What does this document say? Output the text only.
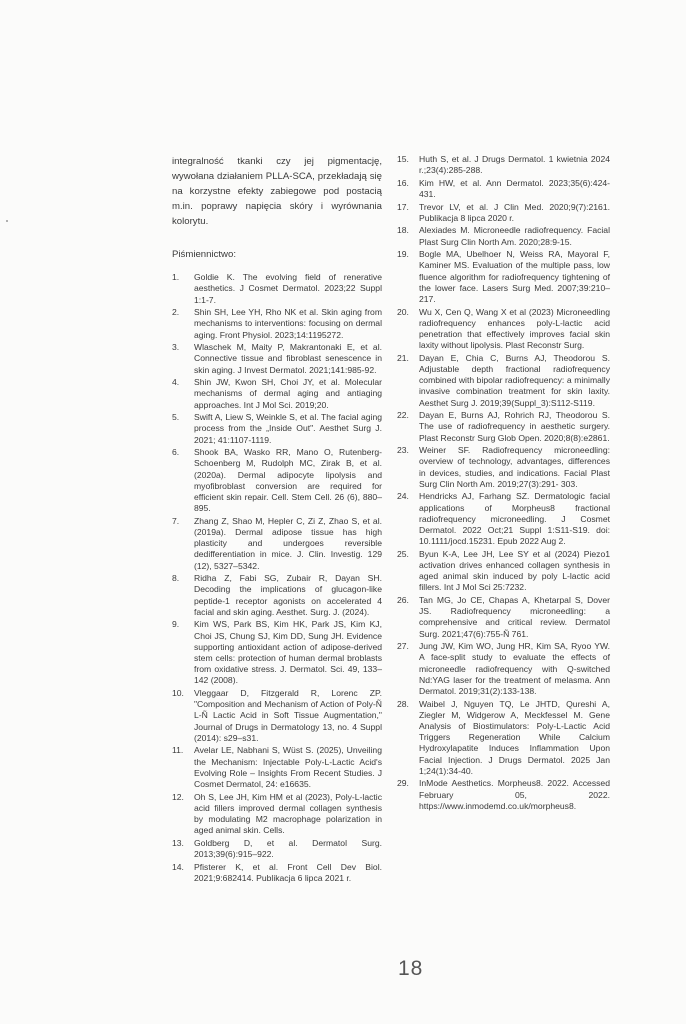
integralność tkanki czy jej pigmentację, wywołana działaniem PLLA-SCA, przekładają się na korzystne efekty zabiegowe pod postacią m.in. poprawy napięcia skóry i wyrównania kolorytu.

Piśmiennictwo:
1. Goldie K. The evolving field of renerative aesthetics. J Cosmet Dermatol. 2023;22 Suppl 1:1-7.
2. Shin SH, Lee YH, Rho NK et al. Skin aging from mechanisms to interventions: focusing on dermal aging. Front Physiol. 2023;14:1195272.
3. Wlaschek M, Maity P, Makrantonaki E, et al. Connective tissue and fibroblast senescence in skin aging. J Invest Dermatol. 2021;141:985-92.
4. Shin JW, Kwon SH, Choi JY, et al. Molecular mechanisms of dermal aging and antiaging approaches. Int J Mol Sci. 2019;20.
5. Swift A, Liew S, Weinkle S, et al. The facial aging process from the „Inside Out". Aesthet Surg J. 2021; 41:1107-1119.
6. Shook BA, Wasko RR, Mano O, Rutenberg-Schoenberg M, Rudolph MC, Zirak B, et al. (2020a). Dermal adipocyte lipolysis and myofibroblast conversion are required for efficient skin repair. Cell. Stem Cell. 26 (6), 880–895.
7. Zhang Z, Shao M, Hepler C, Zi Z, Zhao S, et al. (2019a). Dermal adipose tissue has high plasticity and undergoes reversible dedifferentiation in mice. J. Clin. Investig. 129 (12), 5327–5342.
8. Ridha Z, Fabi SG, Zubair R, Dayan SH. Decoding the implications of glucagon-like peptide-1 receptor agonists on accelerated 4 facial and skin aging. Aesthet. Surg. J. (2024).
9. Kim WS, Park BS, Kim HK, Park JS, Kim KJ, Choi JS, Chung SJ, Kim DD, Sung JH. Evidence supporting antioxidant action of adipose-derived stem cells: protection of human dermal broblasts from oxidative stress. J. Dermatol. Sci. 49, 133–142 (2008).
10. Vleggaar D, Fitzgerald R, Lorenc ZP. "Composition and Mechanism of Action of Poly-Ñ L-Ñ Lactic Acid in Soft Tissue Augmentation," Journal of Drugs in Dermatology 13, no. 4 Suppl (2014): s29–s31.
11. Avelar LE, Nabhani S, Wüst S. (2025), Unveiling the Mechanism: Injectable Poly-L-Lactic Acid's Evolving Role – Insights From Recent Studies. J Cosmet Dermatol, 24: e16635.
12. Oh S, Lee JH, Kim HM et al (2023), Poly-L-lactic acid fillers improved dermal collagen synthesis by modulating M2 macrophage polarization in aged animal skin. Cells.
13. Goldberg D, et al. Dermatol Surg. 2013;39(6):915–922.
14. Pfisterer K, et al. Front Cell Dev Biol. 2021;9:682414. Publikacja 6 lipca 2021 r.
15. Huth S, et al. J Drugs Dermatol. 1 kwietnia 2024 r.;23(4):285-288.
16. Kim HW, et al. Ann Dermatol. 2023;35(6):424-431.
17. Trevor LV, et al. J Clin Med. 2020;9(7):2161. Publikacja 8 lipca 2020 r.
18. Alexiades M. Microneedle radiofrequency. Facial Plast Surg Clin North Am. 2020;28:9-15.
19. Bogle MA, Ubelhoer N, Weiss RA, Mayoral F, Kaminer MS. Evaluation of the multiple pass, low fluence algorithm for radiofrequency tightening of the lower face. Lasers Surg Med. 2007;39:210–217.
20. Wu X, Cen Q, Wang X et al (2023) Microneedling radiofrequency enhances poly-L-lactic acid penetration that effectively improves facial skin laxity without lipolysis. Plast Reconstr Surg.
21. Dayan E, Chia C, Burns AJ, Theodorou S. Adjustable depth fractional radiofrequency combined with bipolar radiofrequency: a minimally invasive combination treatment for skin laxity. Aesthet Surg J. 2019;39(Suppl_3):S112-S119.
22. Dayan E, Burns AJ, Rohrich RJ, Theodorou S. The use of radiofrequency in aesthetic surgery. Plast Reconstr Surg Glob Open. 2020;8(8):e2861.
23. Weiner SF. Radiofrequency microneedling: overview of technology, advantages, differences in devices, studies, and indications. Facial Plast Surg Clin North Am. 2019;27(3):291- 303.
24. Hendricks AJ, Farhang SZ. Dermatologic facial applications of Morpheus8 fractional radiofrequency microneedling. J Cosmet Dermatol. 2022 Oct;21 Suppl 1:S11-S19. doi: 10.1111/jocd.15231. Epub 2022 Aug 2.
25. Byun K-A, Lee JH, Lee SY et al (2024) Piezo1 activation drives enhanced collagen synthesis in aged animal skin induced by poly L-lactic acid fillers. Int J Mol Sci 25:7232.
26. Tan MG, Jo CE, Chapas A, Khetarpal S, Dover JS. Radiofrequency microneedling: a comprehensive and critical review. Dermatol Surg. 2021;47(6):755-Ñ 761.
27. Jung JW, Kim WO, Jung HR, Kim SA, Ryoo YW. A face-split study to evaluate the effects of microneedle radiofrequency with Q-switched Nd:YAG laser for the treatment of melasma. Ann Dermatol. 2019;31(2):133-138.
28. Waibel J, Nguyen TQ, Le JHTD, Qureshi A, Ziegler M, Widgerow A, Meckfessel M. Gene Analysis of Biostimulators: Poly-L-Lactic Acid Triggers Regeneration While Calcium Hydroxylapatite Induces Inflammation Upon Facial Injection. J Drugs Dermatol. 2025 Jan 1;24(1):34-40.
29. InMode Aesthetics. Morpheus8. 2022. Accessed February 05, 2022. https://www.inmodemd.co.uk/morpheus8.
18
